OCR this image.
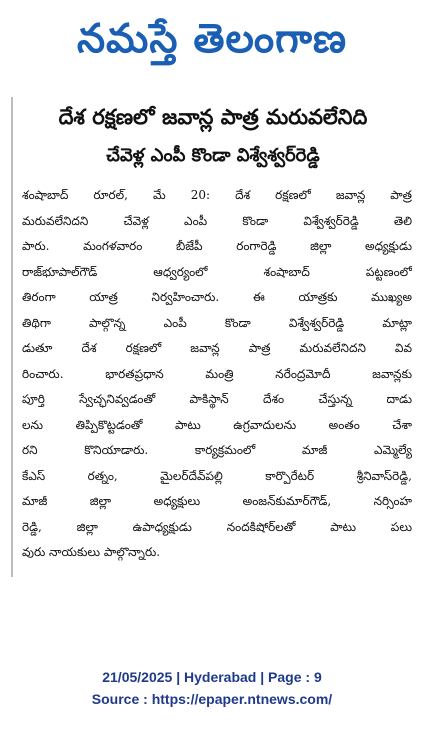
నమస్తే తెలంగాణ
దేశ రక్షణలో జవాన్ల పాత్ర మరువలేనిది
చేవెళ్ల ఎంపీ కొండా విశ్వేశ్వర్‌రెడ్డి
శంషాబాద్ రూరల్, మే 20: దేశ రక్షణలో జవాన్ల పాత్ర
మరువలేనిదని చేవెళ్ల ఎంపీ కొండా విశ్వేశ్వర్‌రెడ్డి తెలి
పారు. మంగళవారం బీజేపీ రంగారెడ్డి జిల్లా అధ్యక్షుడు
రాజ్‌భూపాల్‌గౌడ్ ఆధ్వర్యంలో శంషాబాద్ పట్టణంలో
తిరంగా యాత్ర నిర్వహించారు. ఈ యాత్రకు ముఖ్యఅ
తిథిగా పాల్గొన్న ఎంపీ కొండా విశ్వేశ్వర్‌రెడ్డి మాట్లా
డుతూ దేశ రక్షణలో జవాన్ల పాత్ర మరువలేనిదని వివ
రించారు. భారతప్రధాన మంత్రి నరేంద్రమోదీ జవాన్లకు
పూర్తి స్వేచ్ఛనివ్వడంతో పాకిస్థాన్ దేశం చేస్తున్న దాడు
లను తిప్పికొట్టడంతో పాటు ఉగ్రవాదులను అంతం చేశా
రని కొనియాడారు. కార్యక్రమంలో మాజీ ఎమ్మెల్యే
కేఎస్ రత్నం, మైలర్‌దేవ్‌పల్లి కార్పొరేటర్ శ్రీనివాస్‌రెడ్డి,
మాజీ జిల్లా అధ్యక్షులు అంజన్‌కుమార్‌గౌడ్, నర్సింహ
రెడ్డి, జిల్లా ఉపాధ్యక్షుడు నందకిషోర్‌లతో పాటు పలు
వురు నాయకులు పాల్గొన్నారు.
21/05/2025 | Hyderabad | Page : 9
Source : https://epaper.ntnews.com/
